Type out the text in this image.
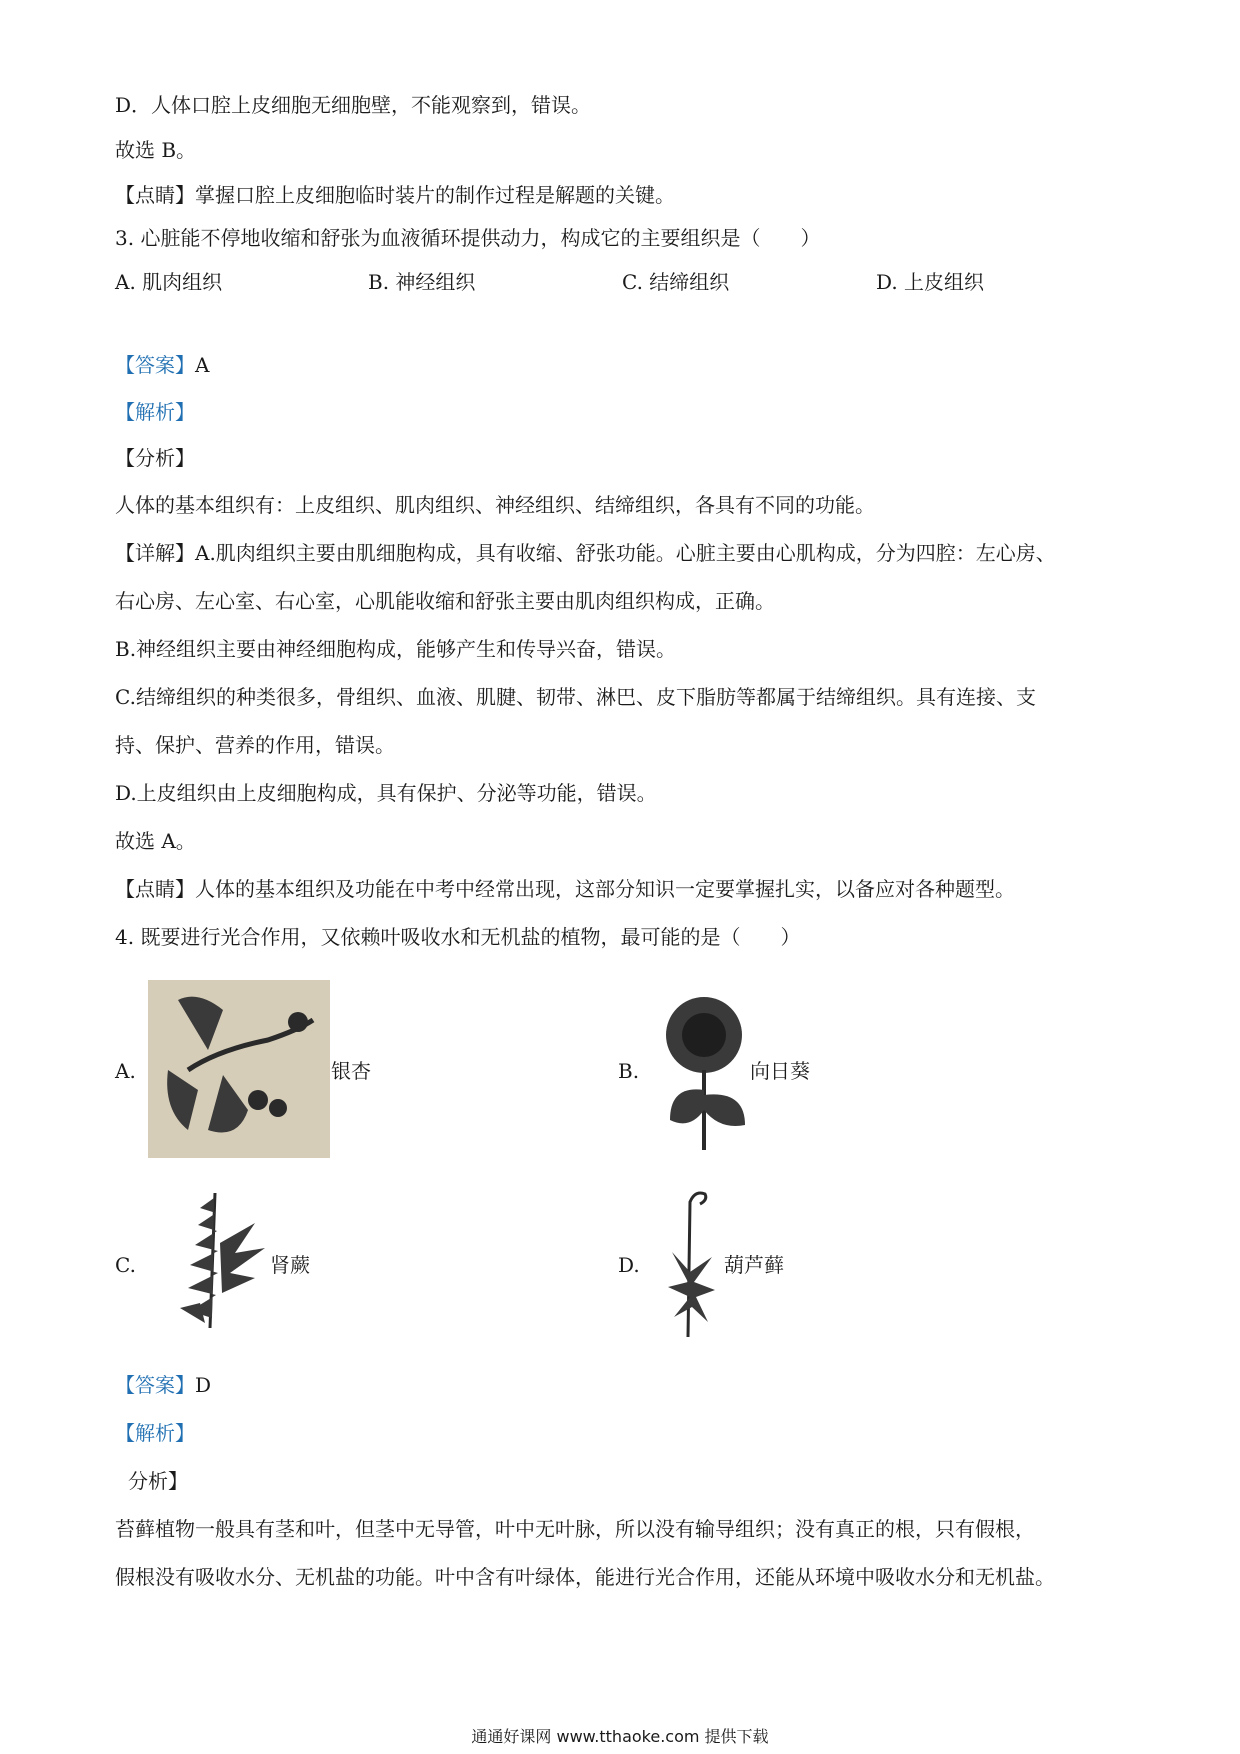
D．人体口腔上皮细胞无细胞壁，不能观察到，错误。
故选 B。
【点睛】掌握口腔上皮细胞临时装片的制作过程是解题的关键。
3. 心脏能不停地收缩和舒张为血液循环提供动力，构成它的主要组织是（　　）
A. 肌肉组织	B. 神经组织	C. 结缔组织	D. 上皮组织
【答案】A
【解析】
【分析】
人体的基本组织有：上皮组织、肌肉组织、神经组织、结缔组织，各具有不同的功能。
【详解】A.肌肉组织主要由肌细胞构成，具有收缩、舒张功能。心脏主要由心肌构成，分为四腔：左心房、
右心房、左心室、右心室，心肌能收缩和舒张主要由肌肉组织构成，正确。
B.神经组织主要由神经细胞构成，能够产生和传导兴奋，错误。
C.结缔组织的种类很多，骨组织、血液、肌腱、韧带、淋巴、皮下脂肪等都属于结缔组织。具有连接、支
持、保护、营养的作用，错误。
D.上皮组织由上皮细胞构成，具有保护、分泌等功能，错误。
故选 A。
【点睛】人体的基本组织及功能在中考中经常出现，这部分知识一定要掌握扎实，以备应对各种题型。
4. 既要进行光合作用，又依赖叶吸收水和无机盐的植物，最可能的是（　　）
A.	银杏	B.	向日葵
C.	肾蕨	D.	葫芦藓
【答案】D
【解析】
分析】
苔藓植物一般具有茎和叶，但茎中无导管，叶中无叶脉，所以没有输导组织；没有真正的根，只有假根，
假根没有吸收水分、无机盐的功能。叶中含有叶绿体，能进行光合作用，还能从环境中吸收水分和无机盐。
通通好课网 www.tthaoke.com 提供下载
